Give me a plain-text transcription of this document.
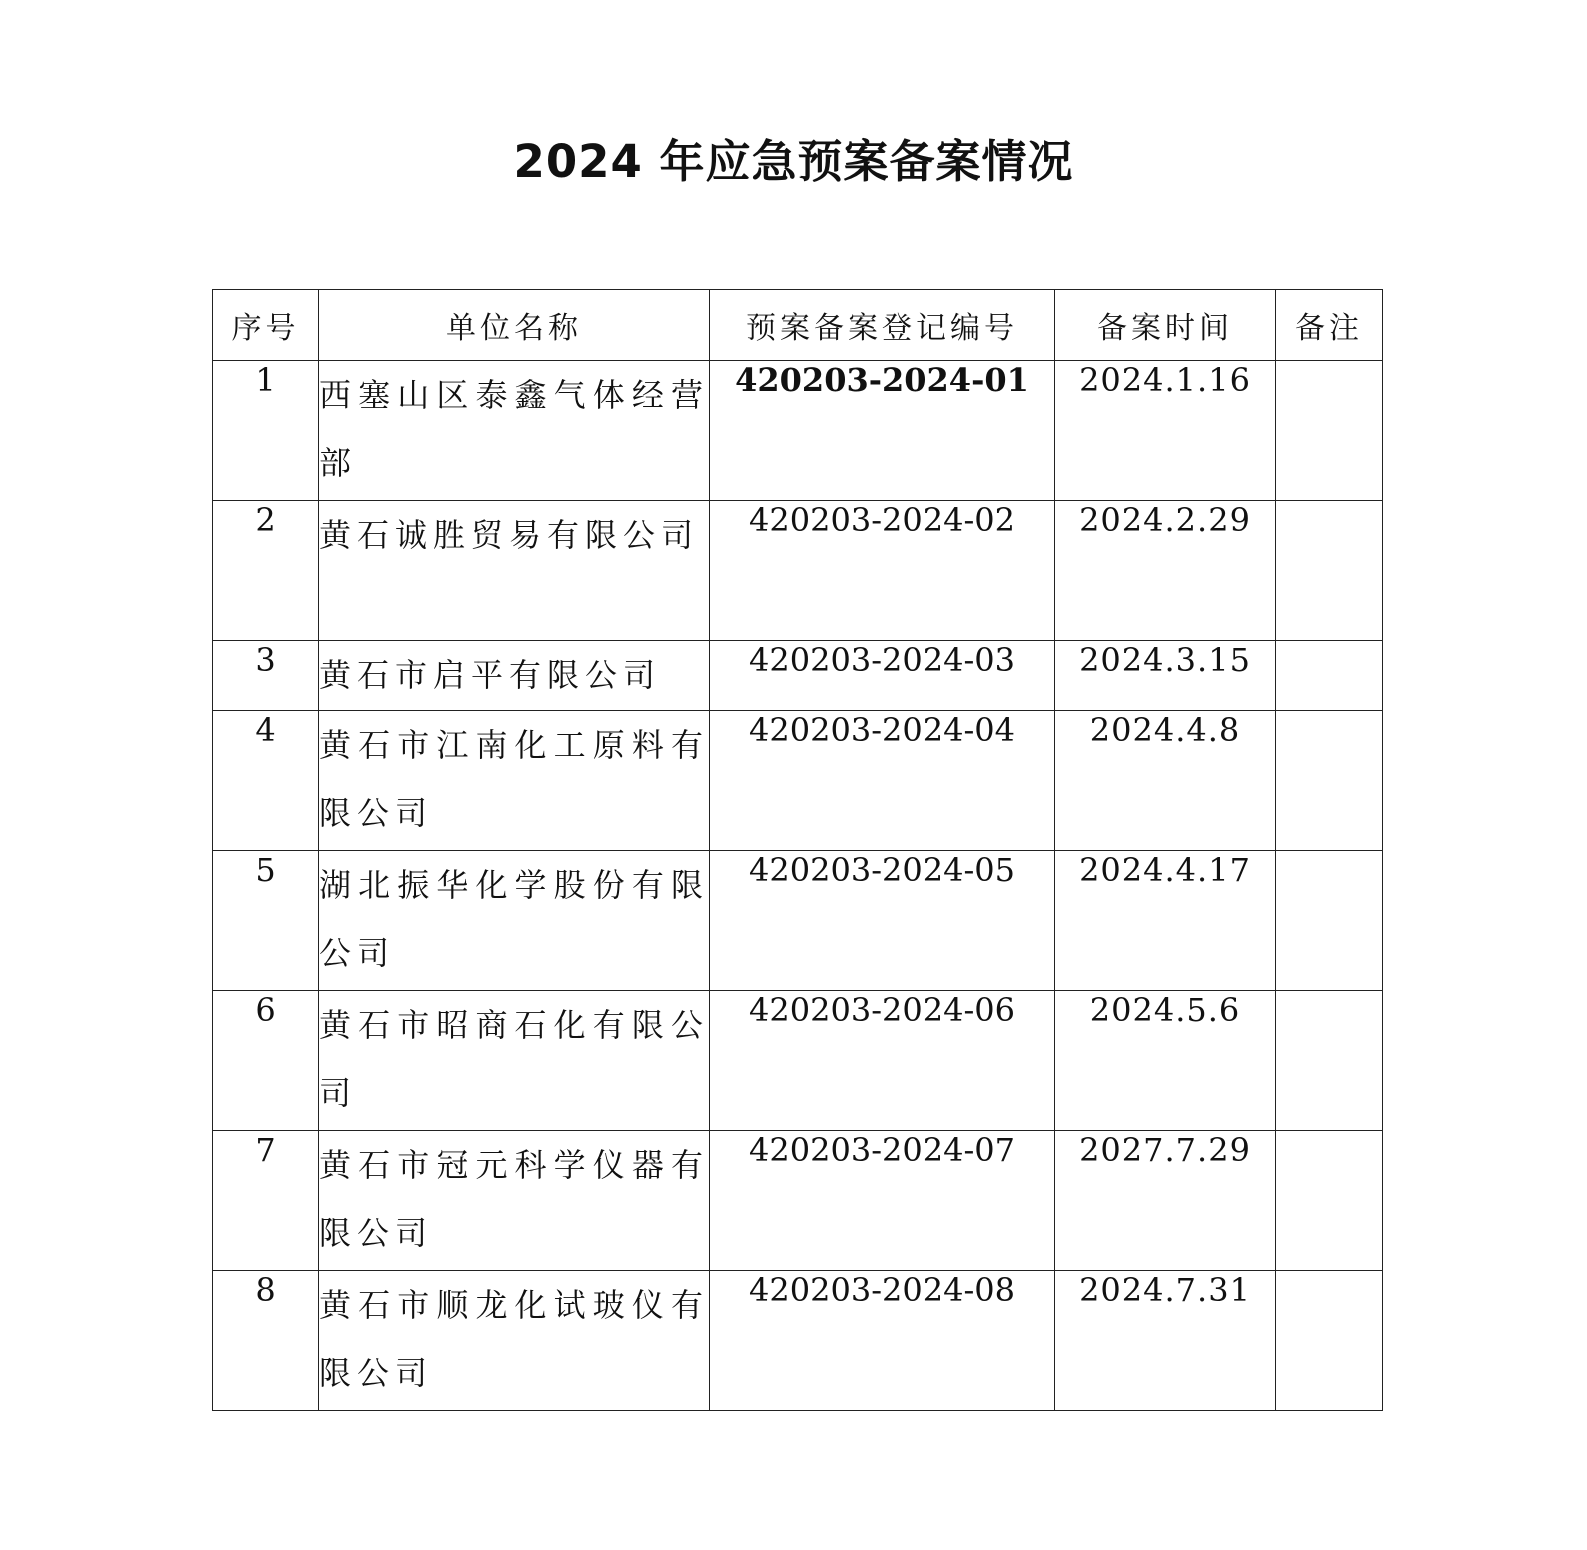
2024 年应急预案备案情况
序号	单位名称	预案备案登记编号	备案时间	备注
1	西塞山区泰鑫气体经营部	420203-2024-01	2024.1.16	
2	黄石诚胜贸易有限公司	420203-2024-02	2024.2.29	
3	黄石市启平有限公司	420203-2024-03	2024.3.15	
4	黄石市江南化工原料有限公司	420203-2024-04	2024.4.8	
5	湖北振华化学股份有限公司	420203-2024-05	2024.4.17	
6	黄石市昭商石化有限公司	420203-2024-06	2024.5.6	
7	黄石市冠元科学仪器有限公司	420203-2024-07	2027.7.29	
8	黄石市顺龙化试玻仪有限公司	420203-2024-08	2024.7.31	
